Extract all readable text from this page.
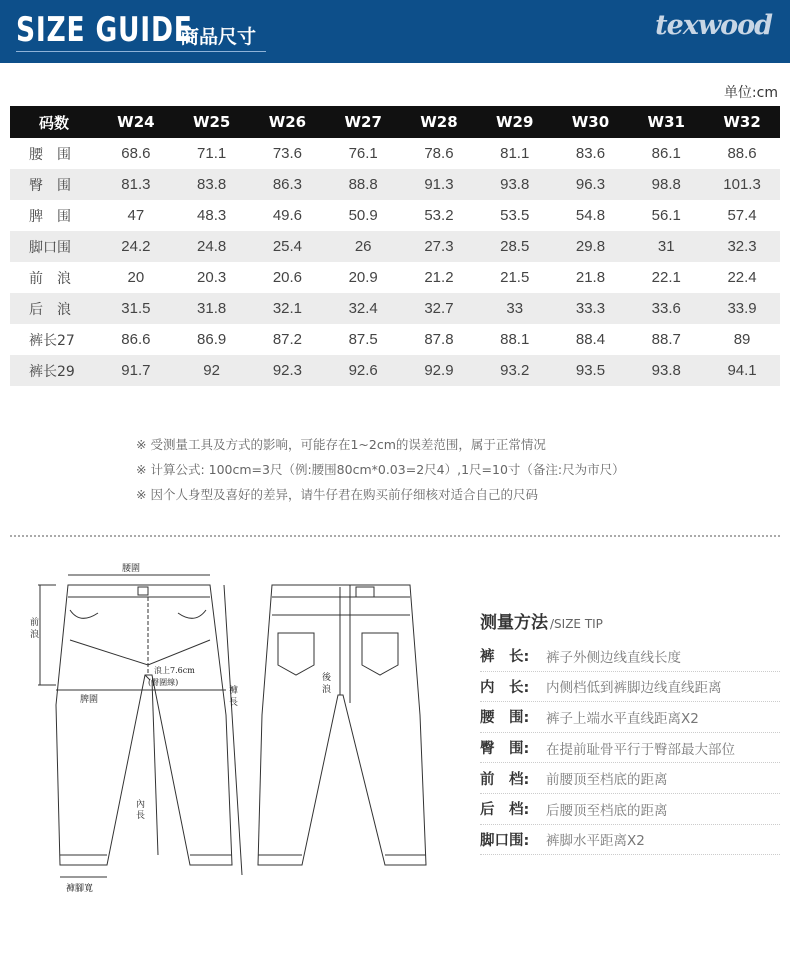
SIZE GUIDE
商品尺寸	texwood
单位:cm
码数	W24	W25	W26	W27	W28	W29	W30	W31	W32
腰　围	68.6	71.1	73.6	76.1	78.6	81.1	83.6	86.1	88.6
臀　围	81.3	83.8	86.3	88.8	91.3	93.8	96.3	98.8	101.3
脾　围	47	48.3	49.6	50.9	53.2	53.5	54.8	56.1	57.4
脚口围	24.2	24.8	25.4	26	27.3	28.5	29.8	31	32.3
前　浪	20	20.3	20.6	20.9	21.2	21.5	21.8	22.1	22.4
后　浪	31.5	31.8	32.1	32.4	32.7	33	33.3	33.6	33.9
裤长27	86.6	86.9	87.2	87.5	87.8	88.1	88.4	88.7	89
裤长29	91.7	92	92.3	92.6	92.9	93.2	93.5	93.8	94.1
※ 受测量工具及方式的影响，可能存在1~2cm的误差范围，属于正常情况
※ 计算公式: 100cm=3尺（例:腰围80cm*0.03=2尺4）,1尺=10寸（备注:尺为市尺）
※ 因个人身型及喜好的差异，请牛仔君在购买前仔细核对适合自己的尺码
腰圍
前
浪
浪上7.6cm
(臀圍線)
脾圍
褲
長
內
長
褲腳寬
後
浪
测量方法 /SIZE TIP
裤　长:	裤子外侧边线直线长度
内　长:	内侧档低到裤脚边线直线距离
腰　围:	裤子上端水平直线距离X2
臀　围:	在提前耻骨平行于臀部最大部位
前　档:	前腰顶至档底的距离
后　档:	后腰顶至档底的距离
脚口围:	裤脚水平距离X2
